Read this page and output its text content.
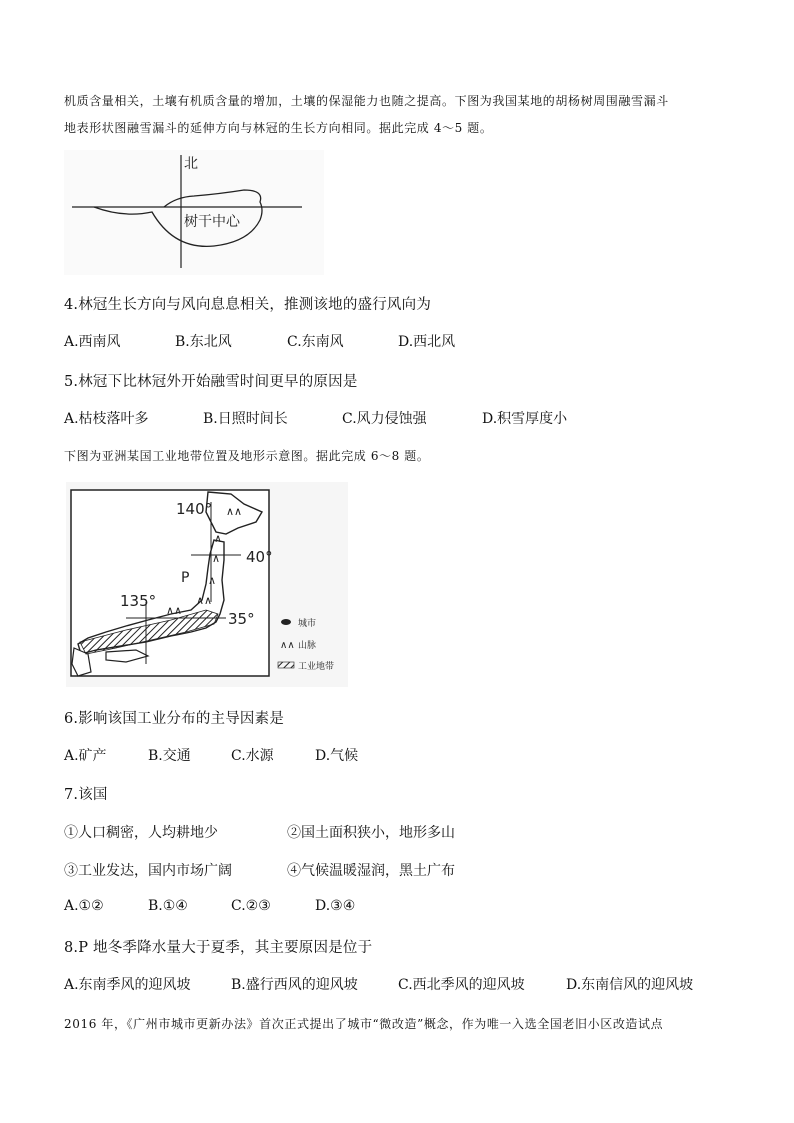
机质含量相关，土壤有机质含量的增加，土壤的保湿能力也随之提高。下图为我国某地的胡杨树周围融雪漏斗
地表形状图融雪漏斗的延伸方向与林冠的生长方向相同。据此完成 4～5 题。
北
树干中心
4.林冠生长方向与风向息息相关，推测该地的盛行风向为
A.西南风	B.东北风	C.东南风	D.西北风
5.林冠下比林冠外开始融雪时间更早的原因是
A.枯枝落叶多	B.日照时间长	C.风力侵蚀强	D.积雪厚度小
下图为亚洲某国工业地带位置及地形示意图。据此完成 6～8 题。
∧∧
∧
∧
∧
∧∧
∧∧
140°
40°
135°
35°
P
城市
∧∧ 山脉
工业地带
6.影响该国工业分布的主导因素是
A.矿产	B.交通	C.水源	D.气候
7.该国
①人口稠密，人均耕地少	②国土面积狭小，地形多山
③工业发达，国内市场广阔	④气候温暖湿润，黑土广布
A.①②	B.①④	C.②③	D.③④
8.P 地冬季降水量大于夏季，其主要原因是位于
A.东南季风的迎风坡	B.盛行西风的迎风坡	C.西北季风的迎风坡	D.东南信风的迎风坡
2016 年，《广州市城市更新办法》首次正式提出了城市“微改造”概念，作为唯一入选全国老旧小区改造试点
